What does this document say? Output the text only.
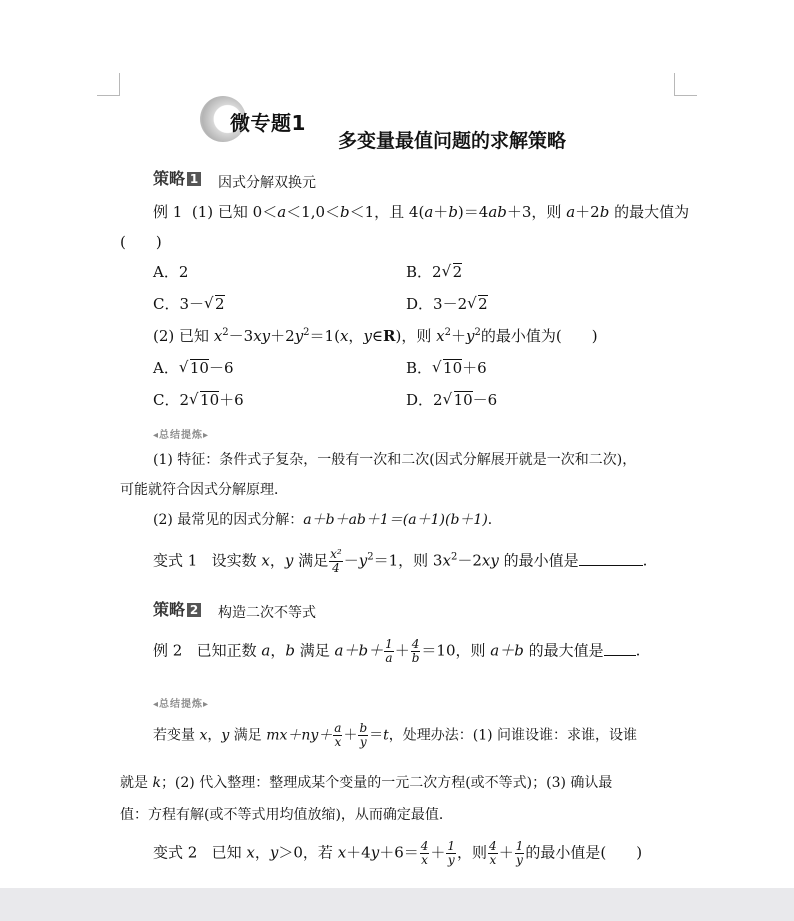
微专题1
多变量最值问题的求解策略
策略 1 因式分解双换元
例 1 (1) 已知 0＜a＜1,0＜b＜1，且 4(a＋b)＝4ab＋3，则 a＋2b 的最大值为
(　　)
A．2	B．2 √ 2
C．3－ √ 2	D．3－2 √ 2
(2) 已知 $x^2-3xy+2y^2=1(x$，y∈R)，则 $x^2+y^2$的最小值为(　　)
A． √ 10－6	B． √ 10＋6
C．2 √ 10＋6	D．2 √ 10－6
◂总结提炼▸
(1) 特征：条件式子复杂，一般有一次和二次(因式分解展开就是一次和二次)，
可能就符合因式分解原理．
(2) 最常见的因式分解：a＋b＋ab＋1＝(a＋1)(b＋1)．
变式 1 设实数 x，y 满足 $\frac{\text{x²}}{4} -y^2=1$，则 $3x^2-2xy$ 的最小值是	.
策略 2 构造二次不等式
例 2 已知正数 a，b 满足 $a+b+ \frac{1}{a} + \frac{4}{b} =10$，则 a＋b 的最大值是 .
◂总结提炼▸
若变量 x，y 满足 $mx+ny+ \frac{a}{x} + \frac{b}{y} =t$，处理办法：(1) 问谁设谁：求谁，设谁
就是 k；(2) 代入整理：整理成某个变量的一元二次方程(或不等式)；(3) 确认最
值：方程有解(或不等式用均值放缩)，从而确定最值．
变式 2 已知 x，y＞0，若 $x+4y+6= \frac{4}{x} + \frac{1}{y}$ ，则 $\frac{4}{x} + \frac{1}{y}$ 的最小值是(　　)
